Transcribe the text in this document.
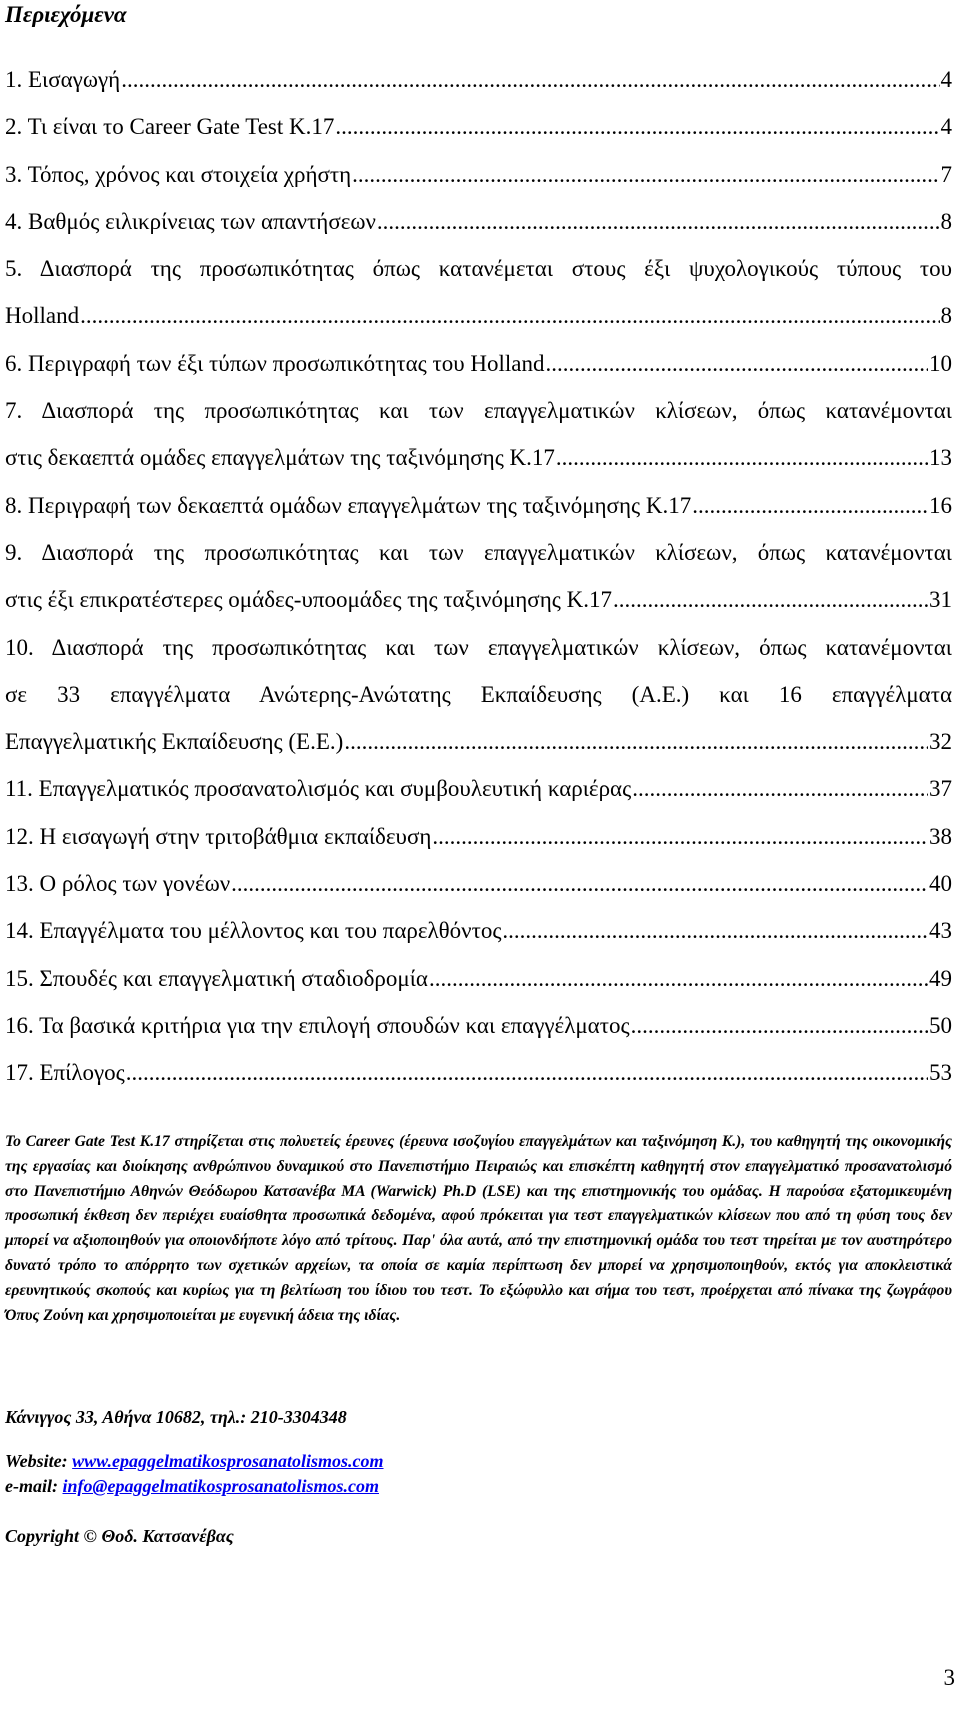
Περιεχόμενα
1. Εισαγωγή .....	4
2. Τι είναι το Career Gate Test K.17 .....	4
3. Τόπος, χρόνος και στοιχεία χρήστη .....	7
4. Βαθμός ειλικρίνειας των απαντήσεων .....	8
5. Διασπορά της προσωπικότητας όπως κατανέμεται στους έξι ψυχολογικούς τύπους του
Holland .....	8
6. Περιγραφή των έξι τύπων προσωπικότητας του Holland .....	10
7. Διασπορά της προσωπικότητας και των επαγγελματικών κλίσεων, όπως κατανέμονται
στις δεκαεπτά ομάδες επαγγελμάτων της ταξινόμησης Κ.17 .....	13
8. Περιγραφή των δεκαεπτά ομάδων επαγγελμάτων της ταξινόμησης Κ.17 .....	16
9. Διασπορά της προσωπικότητας και των επαγγελματικών κλίσεων, όπως κατανέμονται
στις έξι επικρατέστερες ομάδες-υποομάδες της ταξινόμησης Κ.17 .....	31
10. Διασπορά της προσωπικότητας και των επαγγελματικών κλίσεων, όπως κατανέμονται
σε 33 επαγγέλματα Ανώτερης-Ανώτατης Εκπαίδευσης (Α.Ε.) και 16 επαγγέλματα
Επαγγελματικής Εκπαίδευσης (Ε.Ε.) .....	32
11. Επαγγελματικός προσανατολισμός και συμβουλευτική καριέρας .....	37
12. Η εισαγωγή στην τριτοβάθμια εκπαίδευση .....	38
13. Ο ρόλος των γονέων .....	40
14. Επαγγέλματα του μέλλοντος και του παρελθόντος .....	43
15. Σπουδές και επαγγελματική σταδιοδρομία .....	49
16. Τα βασικά κριτήρια για την επιλογή σπουδών και επαγγέλματος .....	50
17. Επίλογος .....	53

Το Career Gate Test K.17 στηρίζεται στις πολυετείς έρευνες (έρευνα ισοζυγίου επαγγελμάτων και ταξινόμηση Κ.), του καθηγητή της οικονομικής της εργασίας και διοίκησης ανθρώπινου δυναμικού στο Πανεπιστήμιο Πειραιώς και επισκέπτη καθηγητή στον επαγγελματικό προσανατολισμό στο Πανεπιστήμιο Αθηνών Θεόδωρου Κατσανέβα MA (Warwick) Ph.D (LSE) και της επιστημονικής του ομάδας. Η παρούσα εξατομικευμένη προσωπική έκθεση δεν περιέχει ευαίσθητα προσωπικά δεδομένα, αφού πρόκειται για τεστ επαγγελματικών κλίσεων που από τη φύση τους δεν μπορεί να αξιοποιηθούν για οποιονδήποτε λόγο από τρίτους. Παρ' όλα αυτά, από την επιστημονική ομάδα του τεστ τηρείται με τον αυστηρότερο δυνατό τρόπο το απόρρητο των σχετικών αρχείων, τα οποία σε καμία περίπτωση δεν μπορεί να χρησιμοποιηθούν, εκτός για αποκλειστικά ερευνητικούς σκοπούς και κυρίως για τη βελτίωση του ίδιου του τεστ. Το εξώφυλλο και σήμα του τεστ, προέρχεται από πίνακα της ζωγράφου Όπυς Ζούνη και χρησιμοποιείται με ευγενική άδεια της ιδίας.

Κάνιγγος 33, Αθήνα 10682, τηλ.: 210-3304348

Website: www.epaggelmatikosprosanatolismos.com
e-mail: info@epaggelmatikosprosanatolismos.com

Copyright © Θοδ. Κατσανέβας

3
